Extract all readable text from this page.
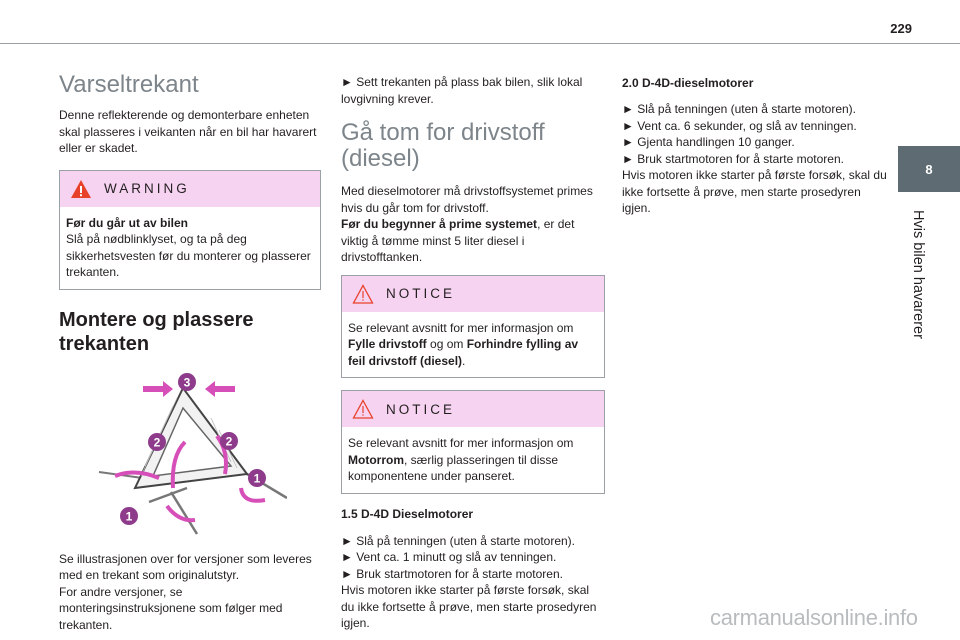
229
8
Hvis bilen havarerer
Varseltrekant

Denne reflekterende og demonterbare enheten skal plasseres i veikanten når en bil har havarert eller er skadet.

WARNING

Før du går ut av bilen

Slå på nødblinklyset, og ta på deg sikkerhetsvesten før du monterer og plasserer trekanten.

Montere og plassere trekanten
1
1
2	2
3

Se illustrasjonen over for versjoner som leveres med en trekant som originalutstyr.

For andre versjoner, se monteringsinstruksjonene som følger med trekanten.

► Sett trekanten på plass bak bilen, slik lokal lovgivning krever.

Gå tom for drivstoff (diesel)

Med dieselmotorer må drivstoffsystemet primes hvis du går tom for drivstoff.

Før du begynner å prime systemet, er det viktig å tømme minst 5 liter diesel i drivstofftanken.

NOTICE

Se relevant avsnitt for mer informasjon om Fylle drivstoff og om Forhindre fylling av feil drivstoff (diesel).

NOTICE

Se relevant avsnitt for mer informasjon om Motorrom, særlig plasseringen til disse komponentene under panseret.

1.5 D-4D Dieselmotorer

► Slå på tenningen (uten å starte motoren).

► Vent ca. 1 minutt og slå av tenningen.

► Bruk startmotoren for å starte motoren.

Hvis motoren ikke starter på første forsøk, skal du ikke fortsette å prøve, men starte prosedyren igjen.

2.0 D-4D-dieselmotorer

► Slå på tenningen (uten å starte motoren).

► Vent ca. 6 sekunder, og slå av tenningen.

► Gjenta handlingen 10 ganger.

► Bruk startmotoren for å starte motoren.

Hvis motoren ikke starter på første forsøk, skal du ikke fortsette å prøve, men starte prosedyren igjen.

carmanualsonline.info
